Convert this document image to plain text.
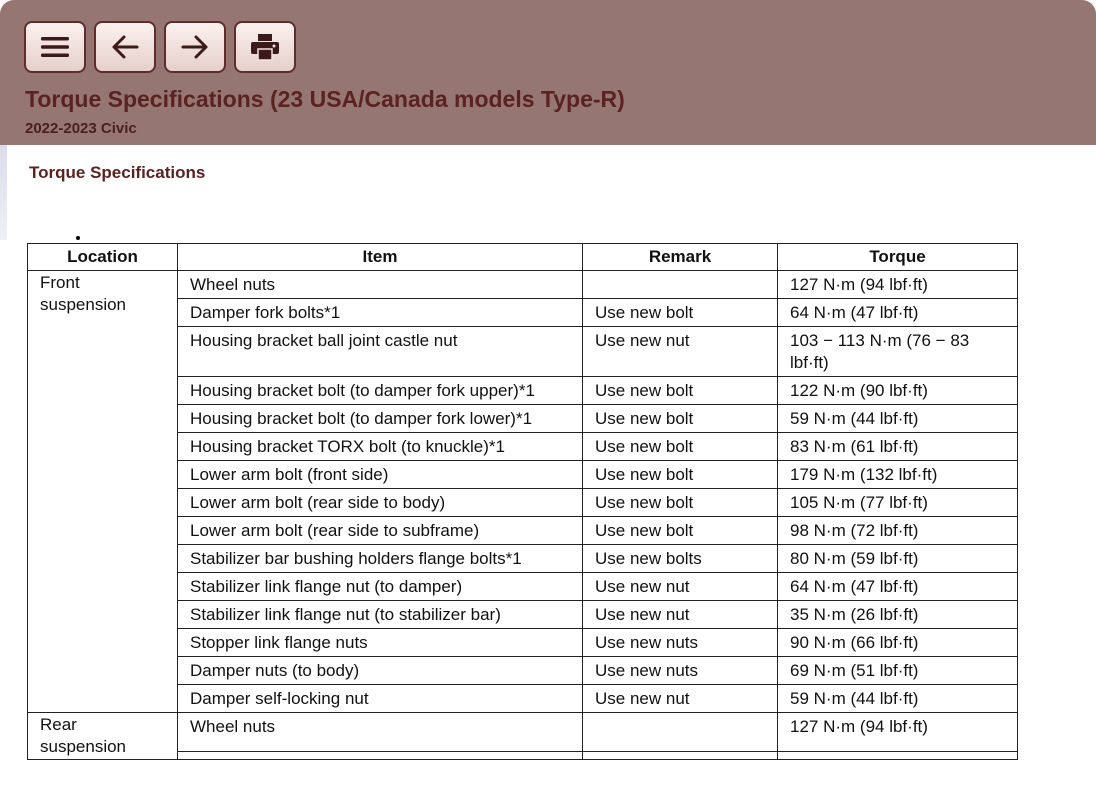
Torque Specifications (23 USA/Canada models Type-R)
2022-2023 Civic
Torque Specifications
Location	Item	Remark	Torque
Front suspension	Wheel nuts		127 N·m (94 lbf·ft)
	Damper fork bolts*1	Use new bolt	64 N·m (47 lbf·ft)
	Housing bracket ball joint castle nut	Use new nut	103 − 113 N·m (76 − 83 lbf·ft)
	Housing bracket bolt (to damper fork upper)*1	Use new bolt	122 N·m (90 lbf·ft)
	Housing bracket bolt (to damper fork lower)*1	Use new bolt	59 N·m (44 lbf·ft)
	Housing bracket TORX bolt (to knuckle)*1	Use new bolt	83 N·m (61 lbf·ft)
	Lower arm bolt (front side)	Use new bolt	179 N·m (132 lbf·ft)
	Lower arm bolt (rear side to body)	Use new bolt	105 N·m (77 lbf·ft)
	Lower arm bolt (rear side to subframe)	Use new bolt	98 N·m (72 lbf·ft)
	Stabilizer bar bushing holders flange bolts*1	Use new bolts	80 N·m (59 lbf·ft)
	Stabilizer link flange nut (to damper)	Use new nut	64 N·m (47 lbf·ft)
	Stabilizer link flange nut (to stabilizer bar)	Use new nut	35 N·m (26 lbf·ft)
	Stopper link flange nuts	Use new nuts	90 N·m (66 lbf·ft)
	Damper nuts (to body)	Use new nuts	69 N·m (51 lbf·ft)
	Damper self-locking nut	Use new nut	59 N·m (44 lbf·ft)
Rear suspension	Wheel nuts		127 N·m (94 lbf·ft)
